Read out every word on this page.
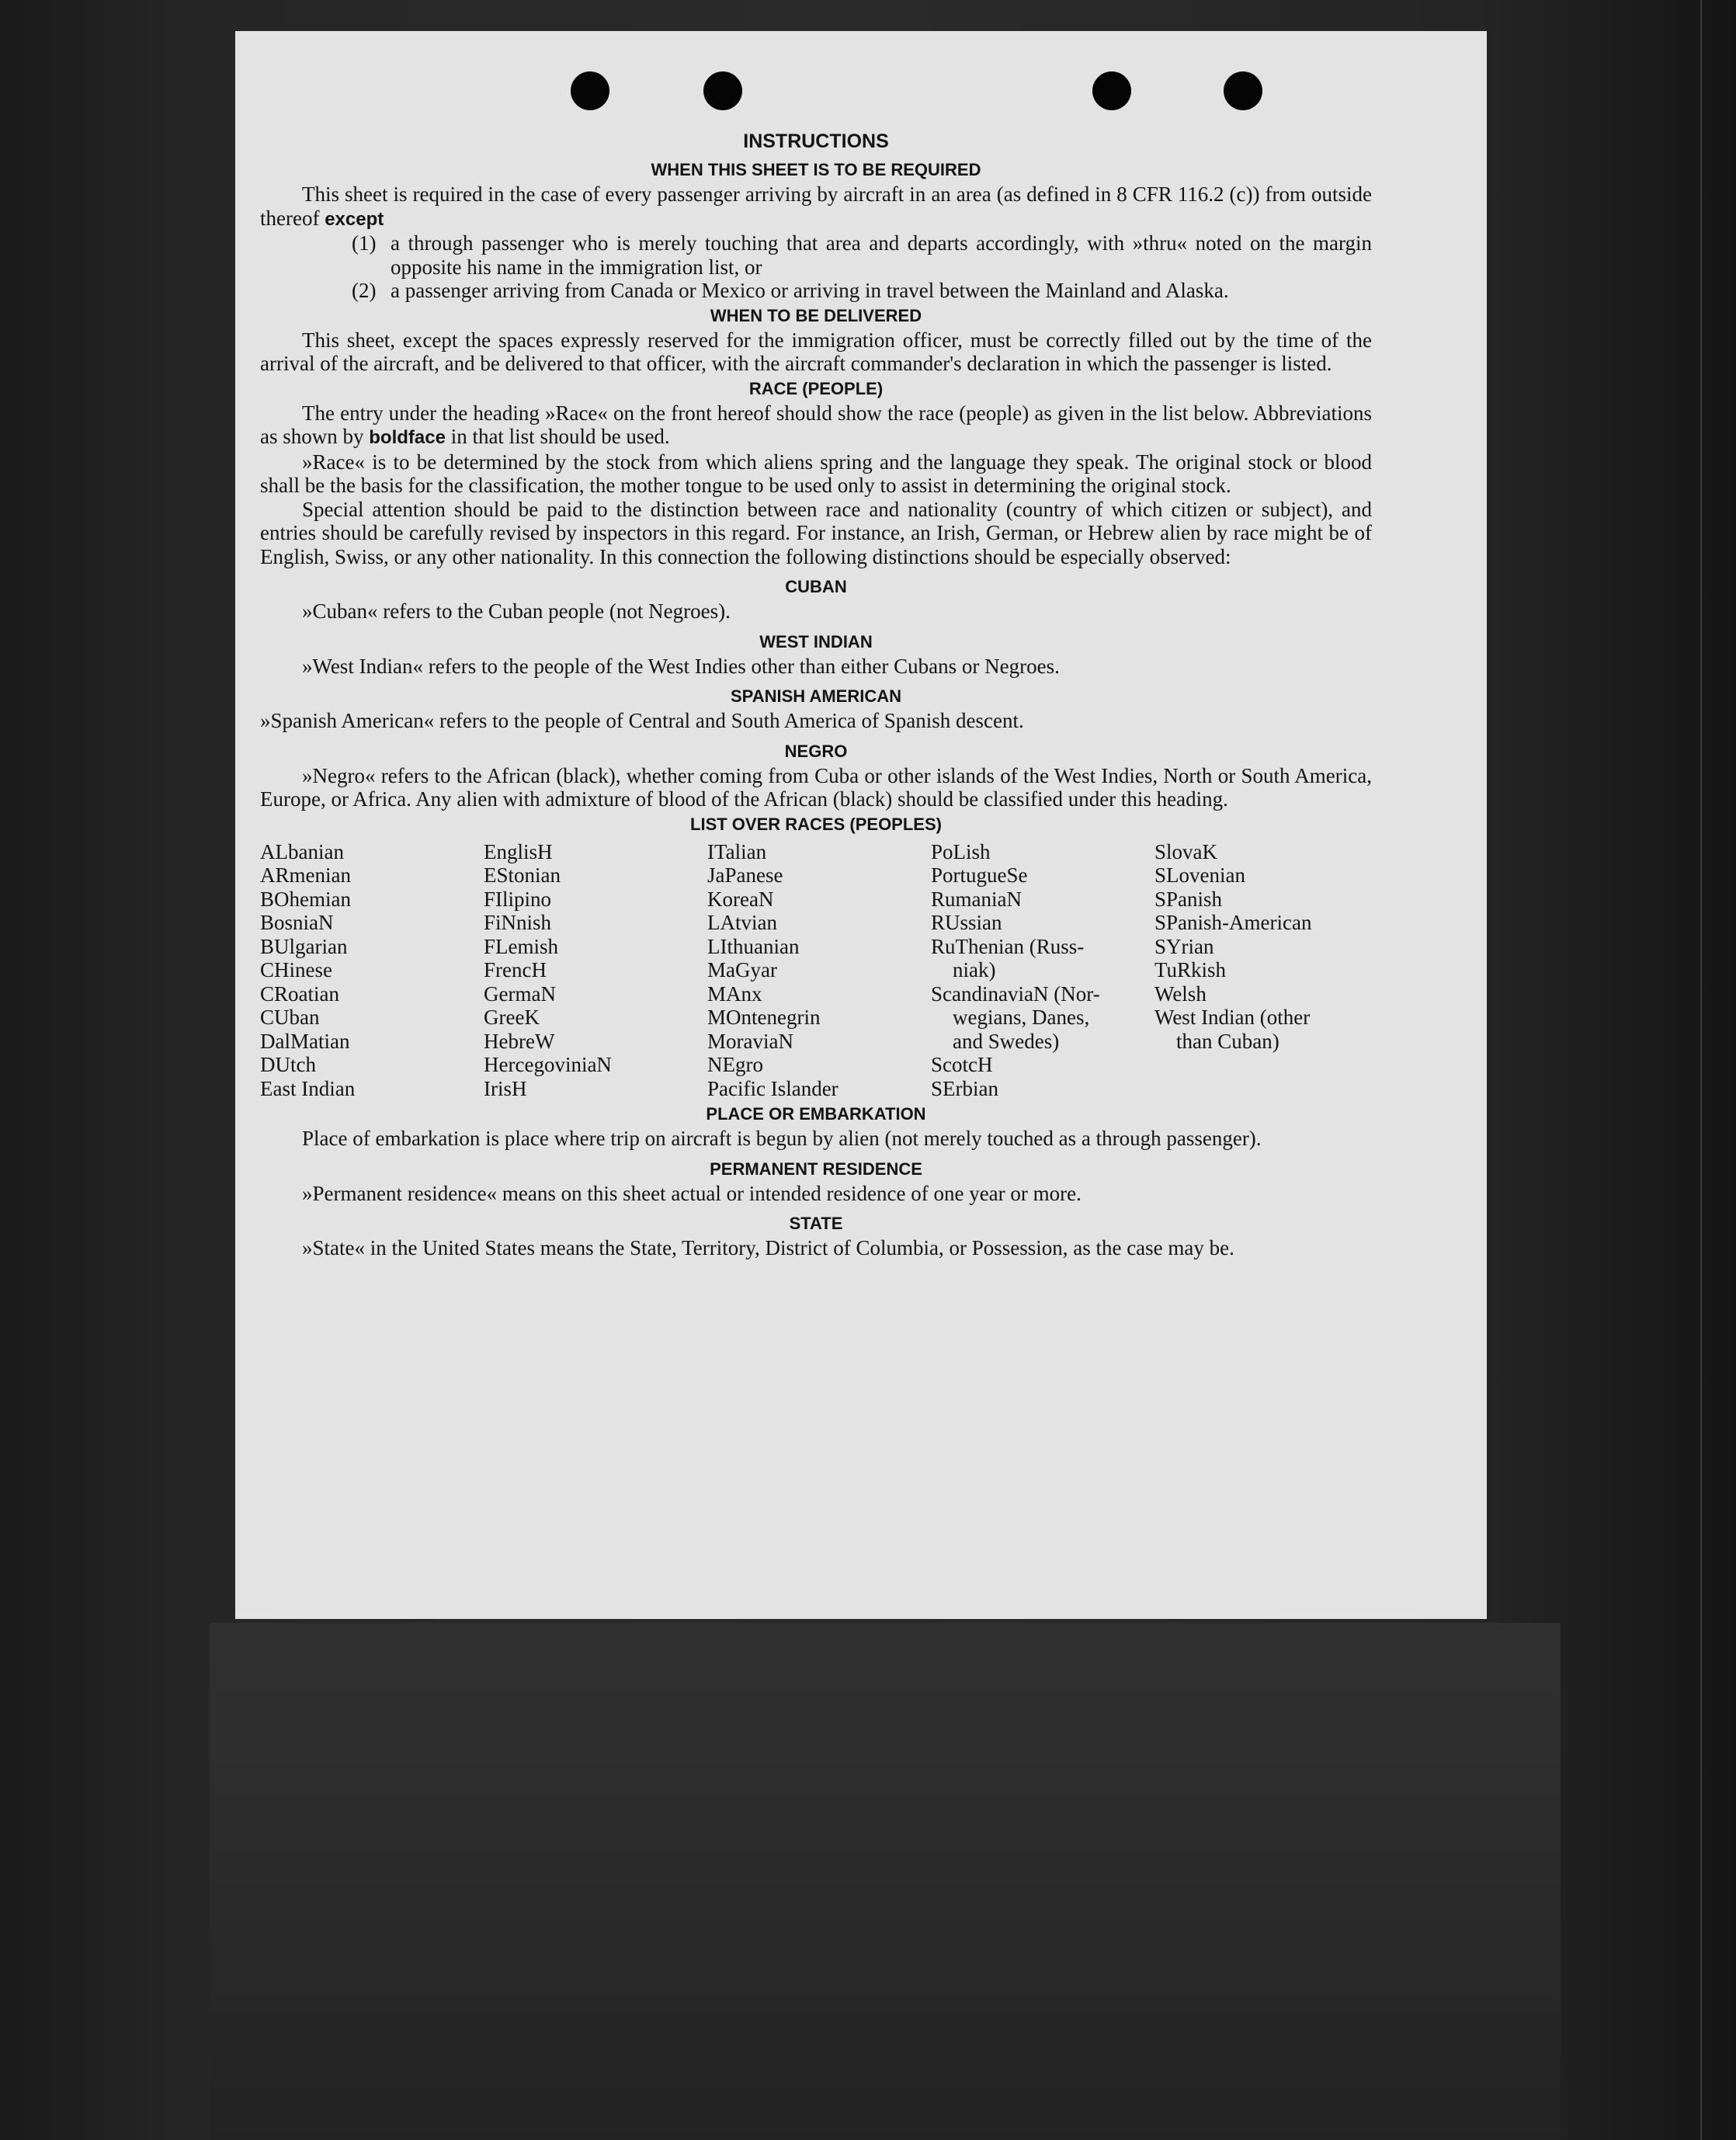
INSTRUCTIONS
WHEN THIS SHEET IS TO BE REQUIRED

This sheet is required in the case of every passenger arriving by aircraft in an area (as defined in 8 CFR 116.2 (c)) from outside thereof except

(1) a through passenger who is merely touching that area and departs accordingly, with »thru« noted on the margin opposite his name in the immigration list, or
(2) a passenger arriving from Canada or Mexico or arriving in travel between the Mainland and Alaska.
WHEN TO BE DELIVERED

This sheet, except the spaces expressly reserved for the immigration officer, must be correctly filled out by the time of the arrival of the aircraft, and be delivered to that officer, with the aircraft commander's declaration in which the passenger is listed.

RACE (PEOPLE)

The entry under the heading »Race« on the front hereof should show the race (people) as given in the list below. Abbreviations as shown by boldface in that list should be used.

»Race« is to be determined by the stock from which aliens spring and the language they speak. The original stock or blood shall be the basis for the classification, the mother tongue to be used only to assist in determining the original stock.

Special attention should be paid to the distinction between race and nationality (country of which citizen or subject), and entries should be carefully revised by inspectors in this regard. For instance, an Irish, German, or Hebrew alien by race might be of English, Swiss, or any other nationality. In this connection the following distinctions should be especially observed:

CUBAN

»Cuban« refers to the Cuban people (not Negroes).

WEST INDIAN

»West Indian« refers to the people of the West Indies other than either Cubans or Negroes.

SPANISH AMERICAN

»Spanish American« refers to the people of Central and South America of Spanish descent.

NEGRO

»Negro« refers to the African (black), whether coming from Cuba or other islands of the West Indies, North or South America, Europe, or Africa. Any alien with admixture of blood of the African (black) should be classified under this heading.

LIST OVER RACES (PEOPLES)
ALbanian
ARmenian
BOhemian
BosniaN
BUlgarian
CHinese
CRoatian
CUban
DalMatian
DUtch
East Indian
EnglisH
EStonian
FIlipino
FiNnish
FLemish
FrencH
GermaN
GreeK
HebreW
HercegoviniaN
IrisH
ITalian
JaPanese
KoreaN
LAtvian
LIthuanian
MaGyar
MAnx
MOntenegrin
MoraviaN
NEgro
Pacific Islander
PoLish
PortugueSe
RumaniaN
RUssian
RuThenian (Russ-
niak)
ScandinaviaN (Nor-
wegians, Danes,
and Swedes)
ScotcH
SErbian
SlovaK
SLovenian
SPanish
SPanish-American
SYrian
TuRkish
Welsh
West Indian (other
than Cuban)
PLACE OR EMBARKATION

Place of embarkation is place where trip on aircraft is begun by alien (not merely touched as a through passenger).

PERMANENT RESIDENCE

»Permanent residence« means on this sheet actual or intended residence of one year or more.

STATE

»State« in the United States means the State, Territory, District of Columbia, or Possession, as the case may be.
